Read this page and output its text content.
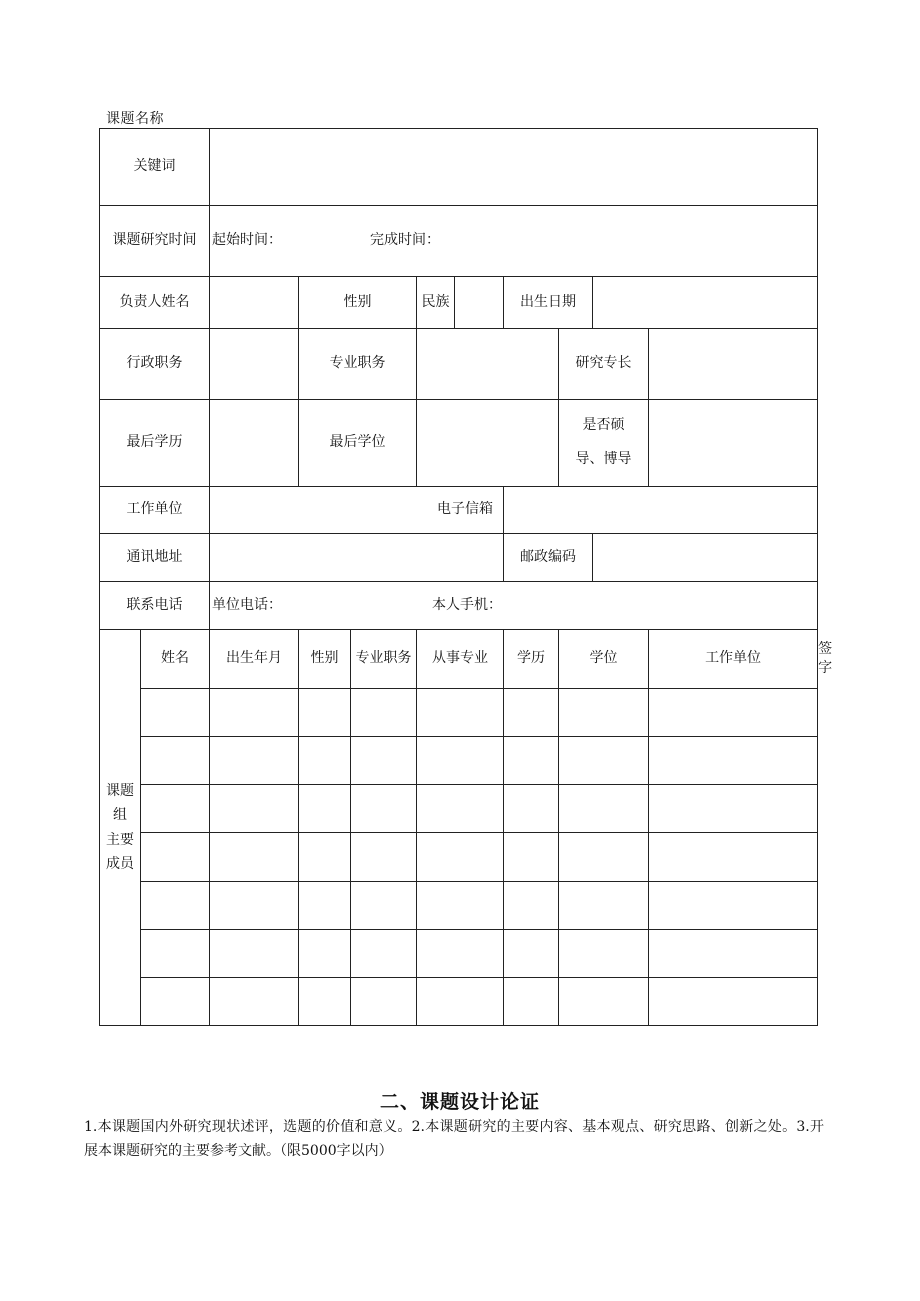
课题名称
关键词											
课题研究时间		起始时间： 完成时间：									
负责人姓名			性别		民族		出生日期				
行政职务			专业职务					研究专长			
最后学历			最后学位					是否硕
导、博导			
工作单位		电子信箱									
通讯地址							邮政编码				
联系电话		单位电话： 本人手机：									
课题
组
主要
成员	姓名	出生年月	性别	专业职务	从事专业		学历	学位		工作单位	签字

二、课题设计论证
1.本课题国内外研究现状述评，选题的价值和意义。2.本课题研究的主要内容、基本观点、研究思路、创新之处。3.开展本课题研究的主要参考文献。（限5000字以内）
